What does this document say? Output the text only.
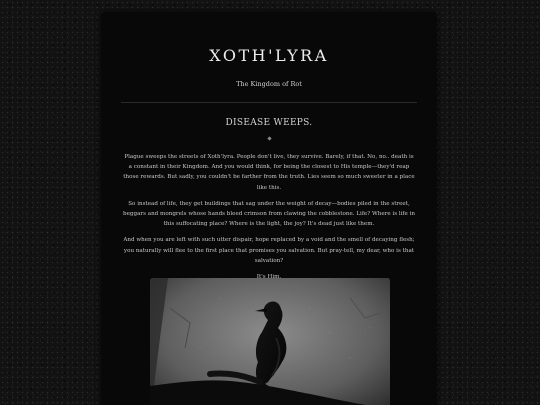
XOTH'LYRA
The Kingdom of Rot
DISEASE WEEPS.

Plague sweeps the streets of Xoth'lyra. People don't live, they survive. Barely, if that. No, no.. death is a constant in their Kingdom. And you would think, for being the closest to His temple—they'd reap those rewards. But sadly, you couldn't be farther from the truth. Lies seem so much sweeter in a place like this.

So instead of life, they get buildings that sag under the weight of decay—bodies piled in the street, beggars and mongrels whose hands bleed crimson from clawing the cobblestone. Life? Where is life in this suffocating place? Where is the light, the joy? It's dead just like them.

And when you are left with such utter dispair, hope replaced by a void and the smell of decaying flesh; you naturally will flee to the first place that promises you salvation. But pray-tell, my dear, who is that salvation?
